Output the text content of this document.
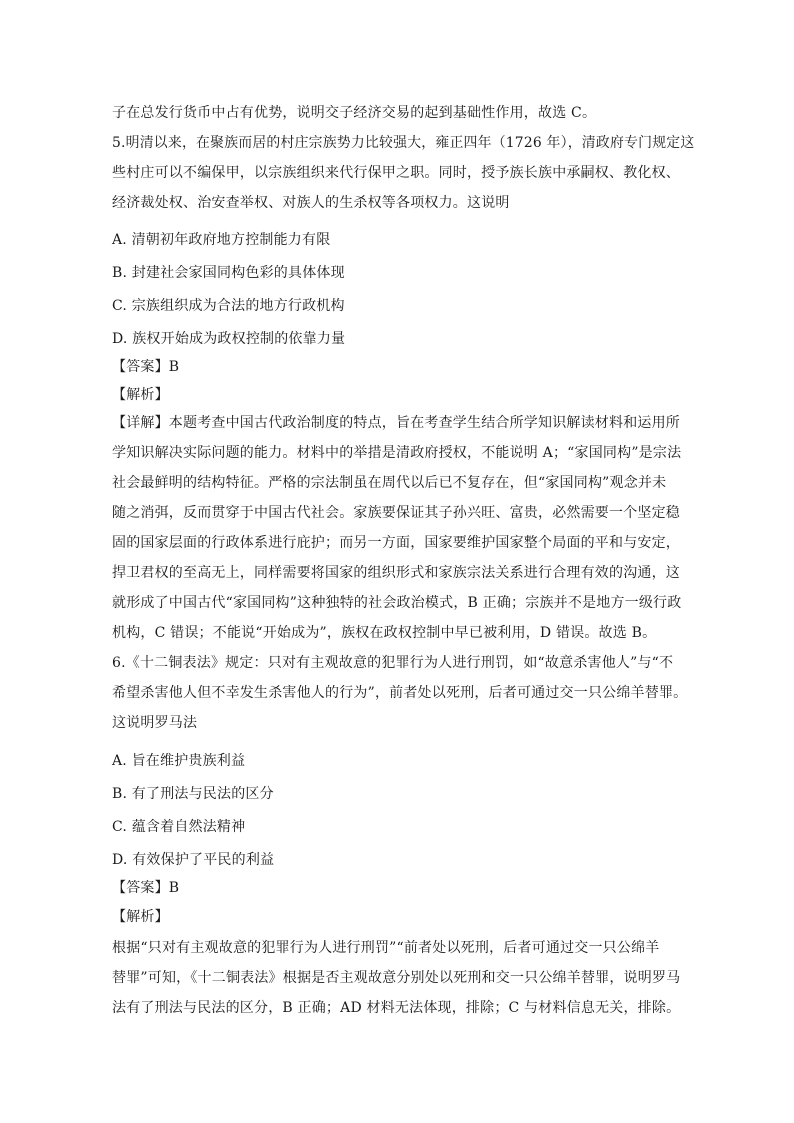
子在总发行货币中占有优势，说明交子经济交易的起到基础性作用，故选 C。
5.明清以来，在聚族而居的村庄宗族势力比较强大，雍正四年（1726 年），清政府专门规定这
些村庄可以不编保甲，以宗族组织来代行保甲之职。同时，授予族长族中承嗣权、教化权、
经济裁处权、治安查举权、对族人的生杀权等各项权力。这说明
A. 清朝初年政府地方控制能力有限
B. 封建社会家国同构色彩的具体体现
C. 宗族组织成为合法的地方行政机构
D. 族权开始成为政权控制的依靠力量
【答案】B
【解析】
【详解】本题考查中国古代政治制度的特点，旨在考查学生结合所学知识解读材料和运用所
学知识解决实际问题的能力。材料中的举措是清政府授权，不能说明 A；“家国同构”是宗法
社会最鲜明的结构特征。严格的宗法制虽在周代以后已不复存在，但“家国同构”观念并未
随之消弭，反而贯穿于中国古代社会。家族要保证其子孙兴旺、富贵，必然需要一个坚定稳
固的国家层面的行政体系进行庇护；而另一方面，国家要维护国家整个局面的平和与安定，
捍卫君权的至高无上，同样需要将国家的组织形式和家族宗法关系进行合理有效的沟通，这
就形成了中国古代“家国同构”这种独特的社会政治模式，B 正确；宗族并不是地方一级行政
机构，C 错误；不能说“开始成为”，族权在政权控制中早已被利用，D 错误。故选 B。
6.《十二铜表法》规定：只对有主观故意的犯罪行为人进行刑罚，如“故意杀害他人”与“不
希望杀害他人但不幸发生杀害他人的行为”，前者处以死刑，后者可通过交一只公绵羊替罪。
这说明罗马法
A. 旨在维护贵族利益
B. 有了刑法与民法的区分
C. 蕴含着自然法精神
D. 有效保护了平民的利益
【答案】B
【解析】
根据“只对有主观故意的犯罪行为人进行刑罚”“前者处以死刑，后者可通过交一只公绵羊
替罪”可知，《十二铜表法》根据是否主观故意分别处以死刑和交一只公绵羊替罪，说明罗马
法有了刑法与民法的区分，B 正确；AD 材料无法体现，排除；C 与材料信息无关，排除。
